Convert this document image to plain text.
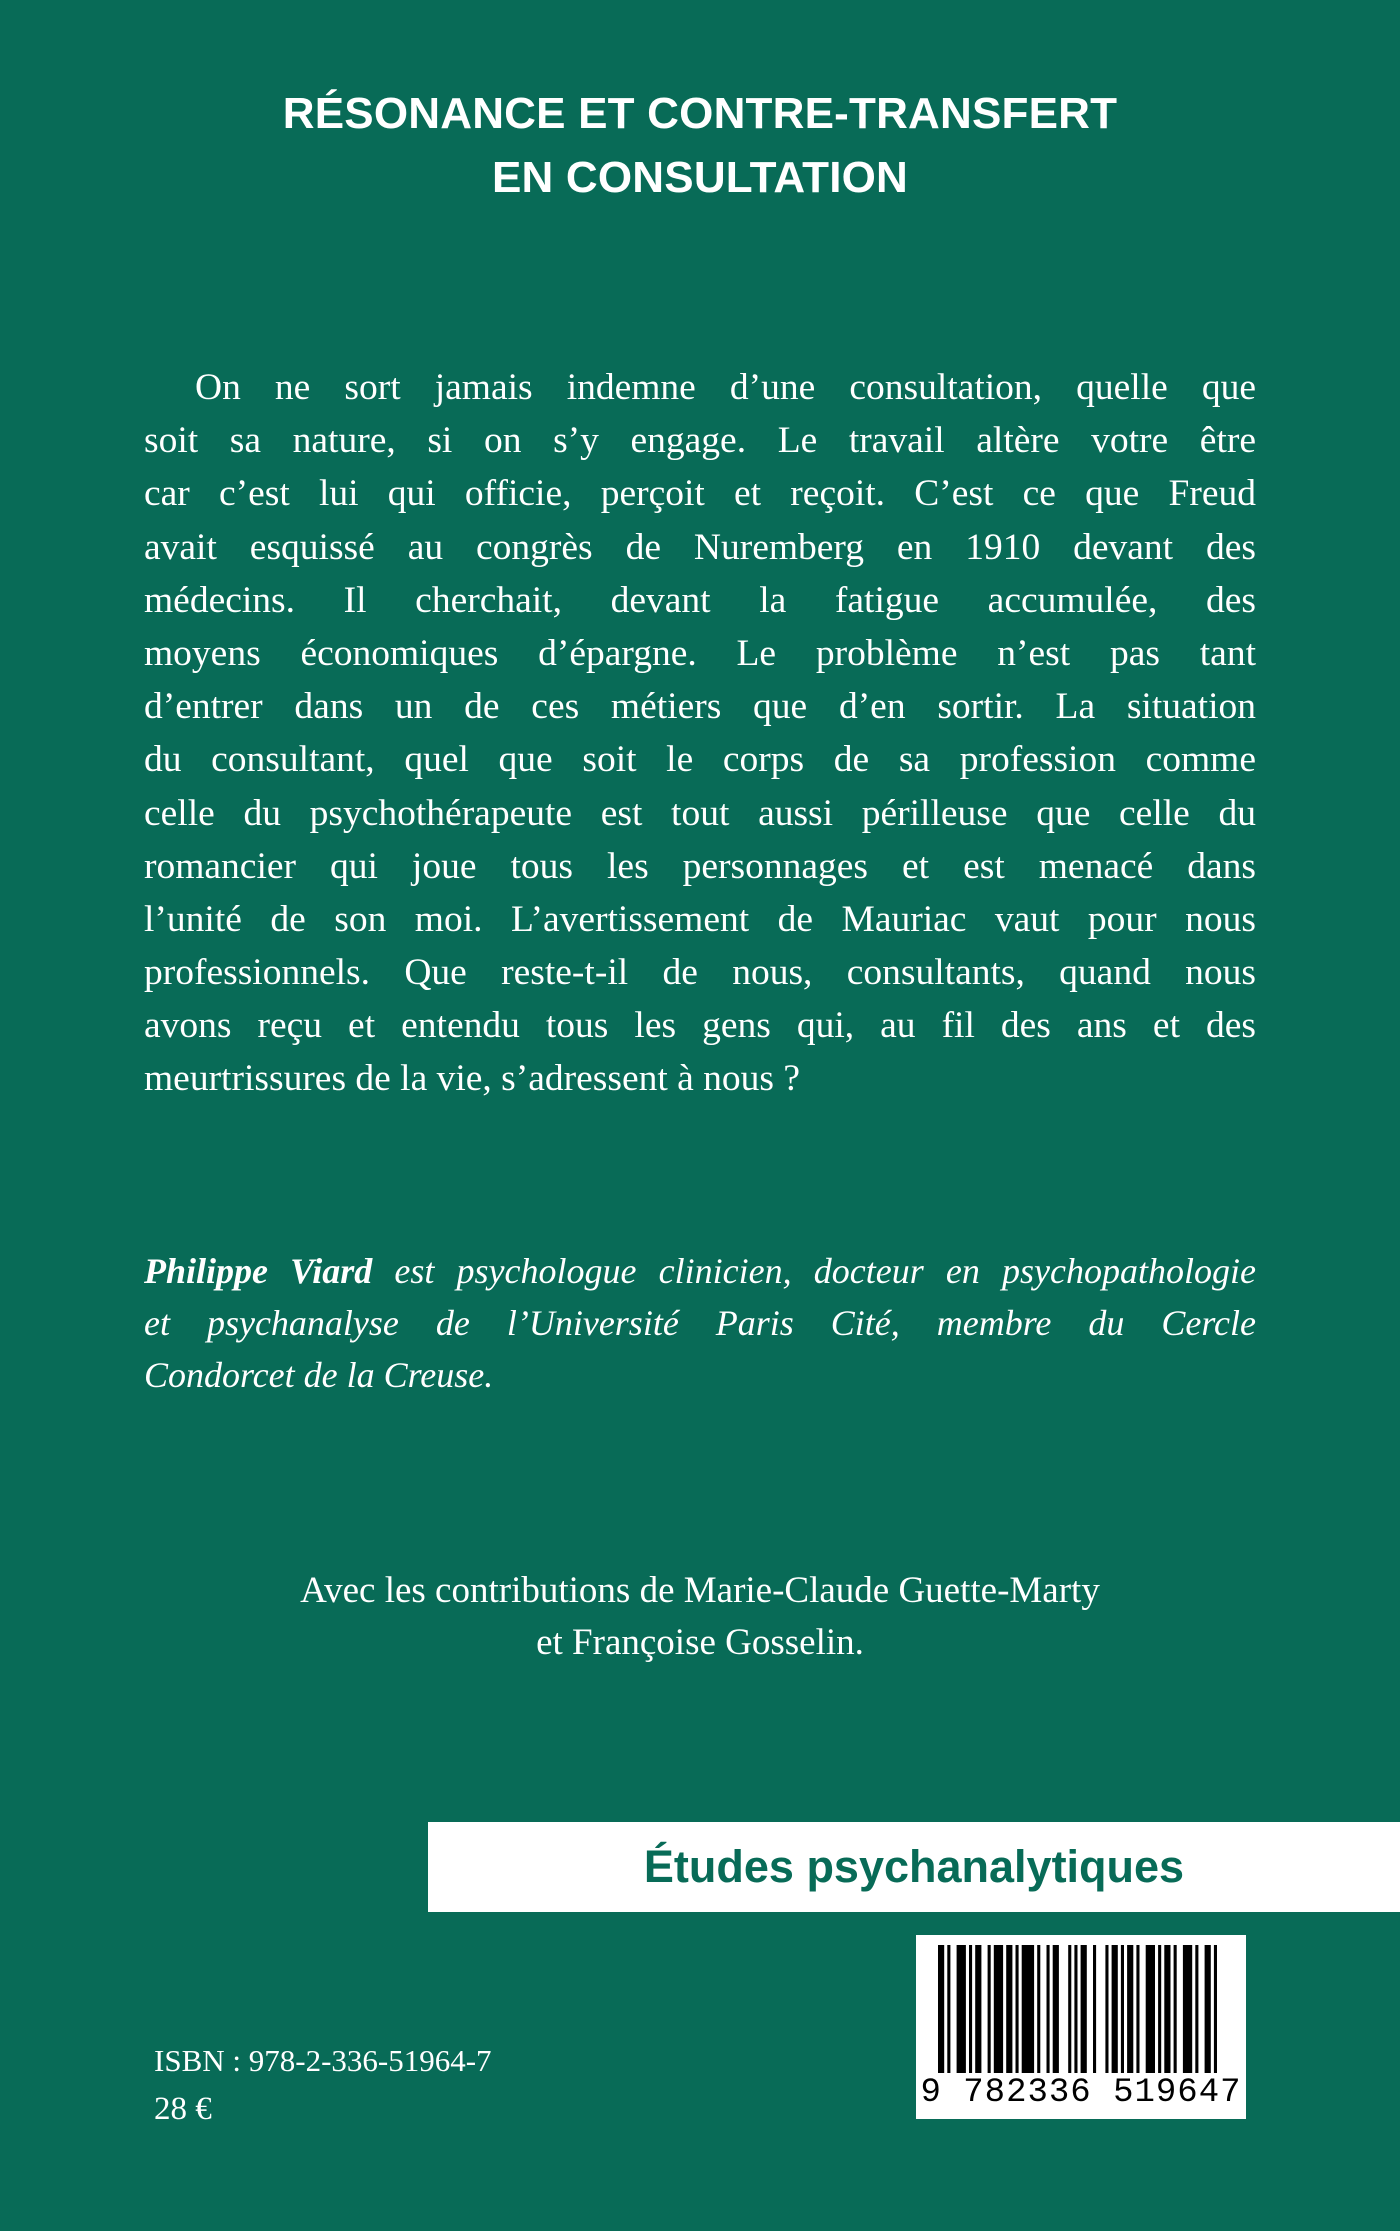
RÉSONANCE ET CONTRE-TRANSFERT
EN CONSULTATION
On ne sort jamais indemne d’une consultation, quelle que
soit sa nature, si on s’y engage. Le travail altère votre être
car c’est lui qui officie, perçoit et reçoit. C’est ce que Freud
avait esquissé au congrès de Nuremberg en 1910 devant des
médecins. Il cherchait, devant la fatigue accumulée, des
moyens économiques d’épargne. Le problème n’est pas tant
d’entrer dans un de ces métiers que d’en sortir. La situation
du consultant, quel que soit le corps de sa profession comme
celle du psychothérapeute est tout aussi périlleuse que celle du
romancier qui joue tous les personnages et est menacé dans
l’unité de son moi. L’avertissement de Mauriac vaut pour nous
professionnels. Que reste-t-il de nous, consultants, quand nous
avons reçu et entendu tous les gens qui, au fil des ans et des
meurtrissures de la vie, s’adressent à nous ?
Philippe Viard est psychologue clinicien, docteur en psychopathologie
et psychanalyse de l’Université Paris Cité, membre du Cercle
Condorcet de la Creuse.
Avec les contributions de Marie-Claude Guette-Marty
et Françoise Gosselin.
Études psychanalytiques
9 782336 519647
ISBN : 978-2-336-51964-7
28 €
